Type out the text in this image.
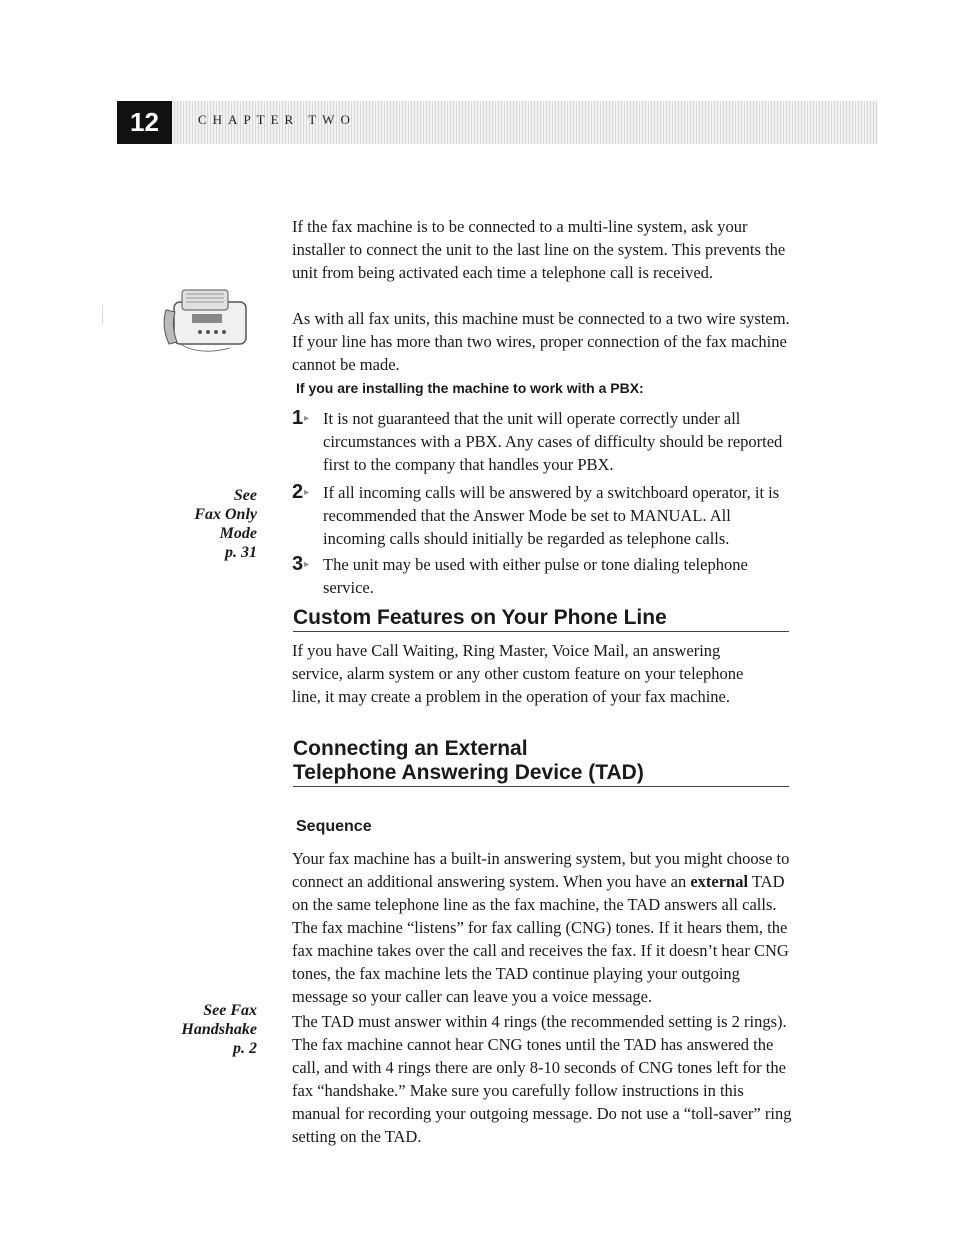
12	CHAPTER TWO

If the fax machine is to be connected to a multi-line system, ask your installer to connect the unit to the last line on the system. This prevents the unit from being activated each time a telephone call is received.

As with all fax units, this machine must be connected to a two wire system. If your line has more than two wires, proper connection of the fax machine cannot be made.

If you are installing the machine to work with a PBX:
1 ▸	It is not guaranteed that the unit will operate correctly under all circumstances with a PBX. Any cases of difficulty should be reported first to the company that handles your PBX.
2 ▸	If all incoming calls will be answered by a switchboard operator, it is recommended that the Answer Mode be set to MANUAL. All incoming calls should initially be regarded as telephone calls.
3 ▸	The unit may be used with either pulse or tone dialing telephone service.
See
Fax Only
Mode
p. 31
Custom Features on Your Phone Line

If you have Call Waiting, Ring Master, Voice Mail, an answering service, alarm system or any other custom feature on your telephone line, it may create a problem in the operation of your fax machine.

Connecting an External
Telephone Answering Device (TAD)
Sequence

Your fax machine has a built-in answering system, but you might choose to connect an additional answering system. When you have an external TAD on the same telephone line as the fax machine, the TAD answers all calls. The fax machine “listens” for fax calling (CNG) tones. If it hears them, the fax machine takes over the call and receives the fax. If it doesn’t hear CNG tones, the fax machine lets the TAD continue playing your outgoing message so your caller can leave you a voice message.

See Fax
Handshake
p. 2

The TAD must answer within 4 rings (the recommended setting is 2 rings). The fax machine cannot hear CNG tones until the TAD has answered the call, and with 4 rings there are only 8-10 seconds of CNG tones left for the fax “handshake.” Make sure you carefully follow instructions in this manual for recording your outgoing message. Do not use a “toll-saver” ring setting on the TAD.
